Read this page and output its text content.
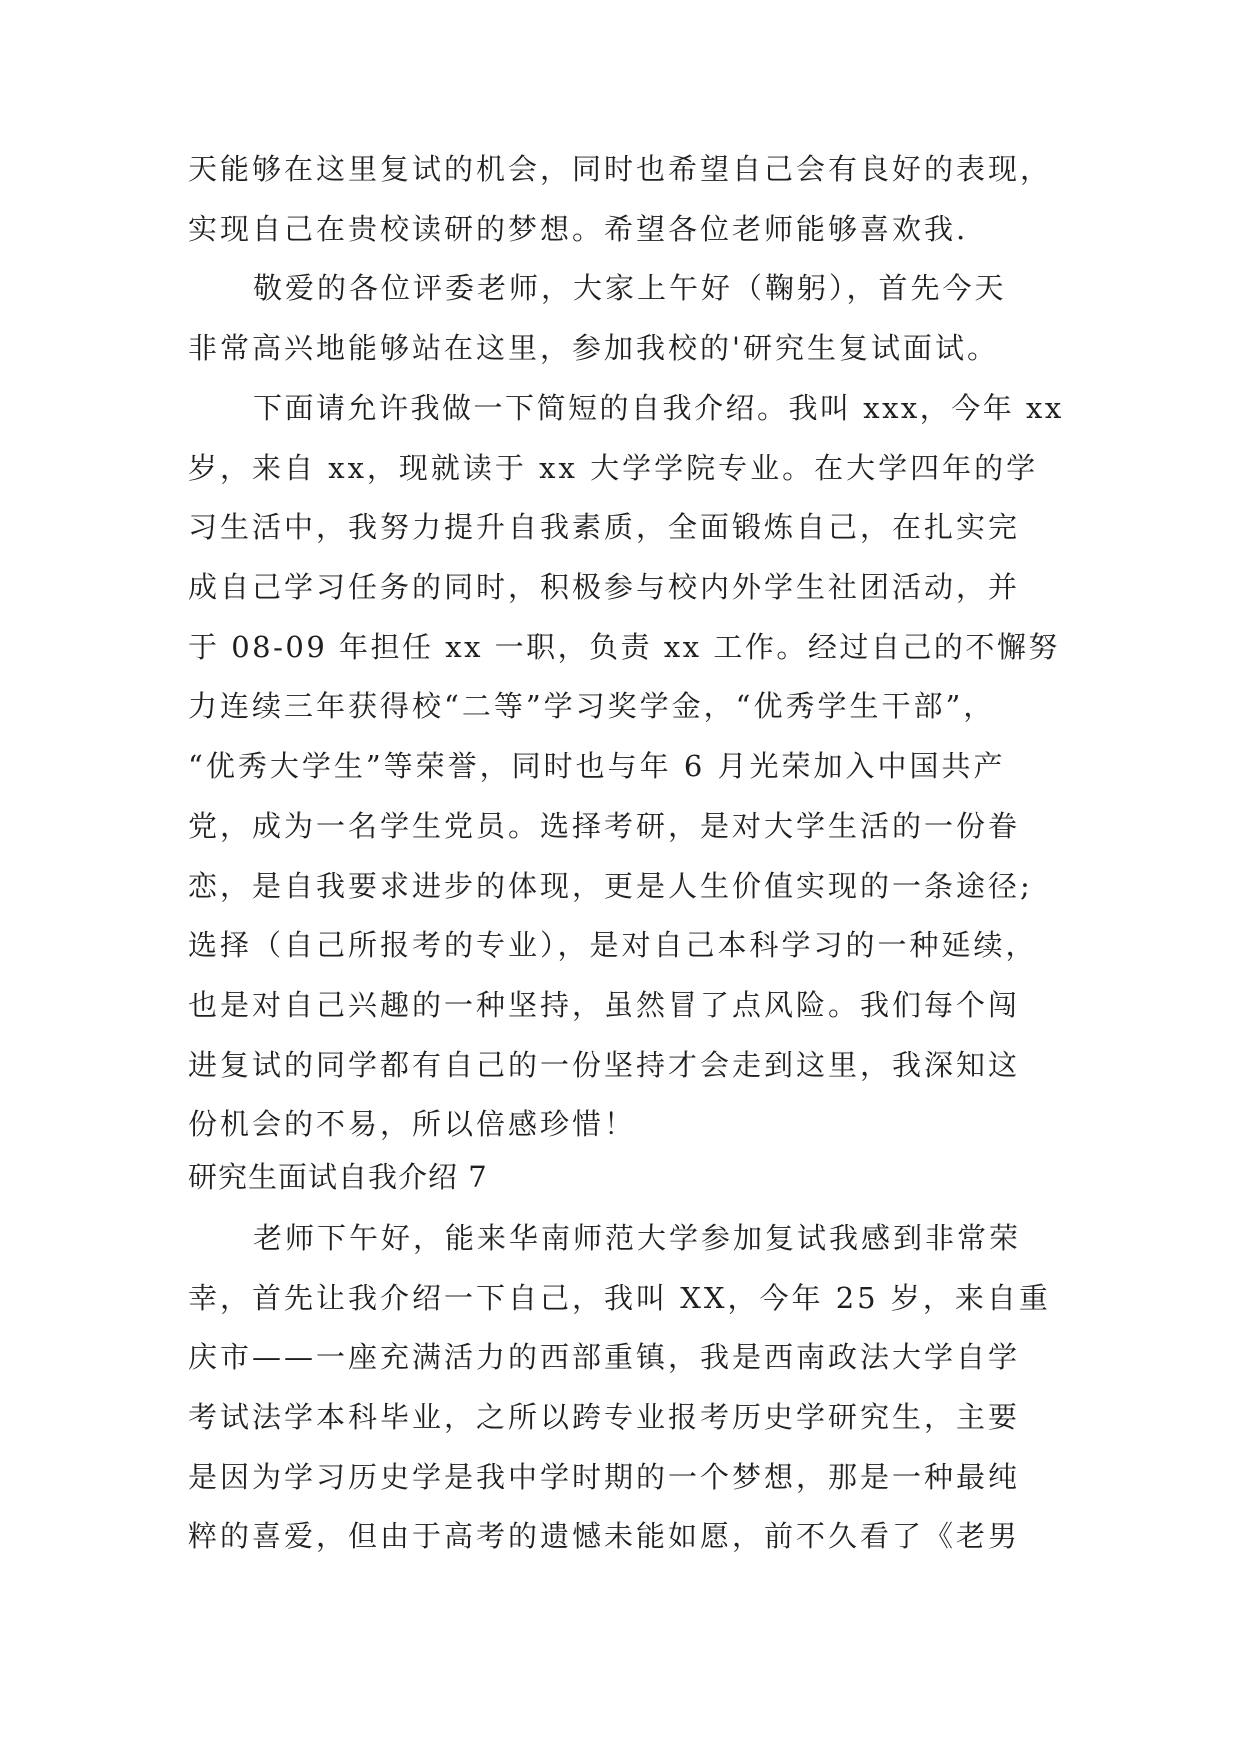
天能够在这里复试的机会，同时也希望自己会有良好的表现，
实现自己在贵校读研的梦想。希望各位老师能够喜欢我.
敬爱的各位评委老师，大家上午好（鞠躬），首先今天
非常高兴地能够站在这里，参加我校的'研究生复试面试。
下面请允许我做一下简短的自我介绍。我叫 xxx，今年 xx
岁，来自 xx，现就读于 xx 大学学院专业。在大学四年的学
习生活中，我努力提升自我素质，全面锻炼自己，在扎实完
成自己学习任务的同时，积极参与校内外学生社团活动，并
于 08-09 年担任 xx 一职，负责 xx 工作。经过自己的不懈努
力连续三年获得校“二等”学习奖学金，“优秀学生干部”，
“优秀大学生”等荣誉，同时也与年 6 月光荣加入中国共产
党，成为一名学生党员。选择考研，是对大学生活的一份眷
恋，是自我要求进步的体现，更是人生价值实现的一条途径;
选择（自己所报考的专业），是对自己本科学习的一种延续，
也是对自己兴趣的一种坚持，虽然冒了点风险。我们每个闯
进复试的同学都有自己的一份坚持才会走到这里，我深知这
份机会的不易，所以倍感珍惜！
研究生面试自我介绍 7
老师下午好，能来华南师范大学参加复试我感到非常荣
幸，首先让我介绍一下自己，我叫 XX，今年 25 岁，来自重
庆市——一座充满活力的西部重镇，我是西南政法大学自学
考试法学本科毕业，之所以跨专业报考历史学研究生，主要
是因为学习历史学是我中学时期的一个梦想，那是一种最纯
粹的喜爱，但由于高考的遗憾未能如愿，前不久看了《老男
